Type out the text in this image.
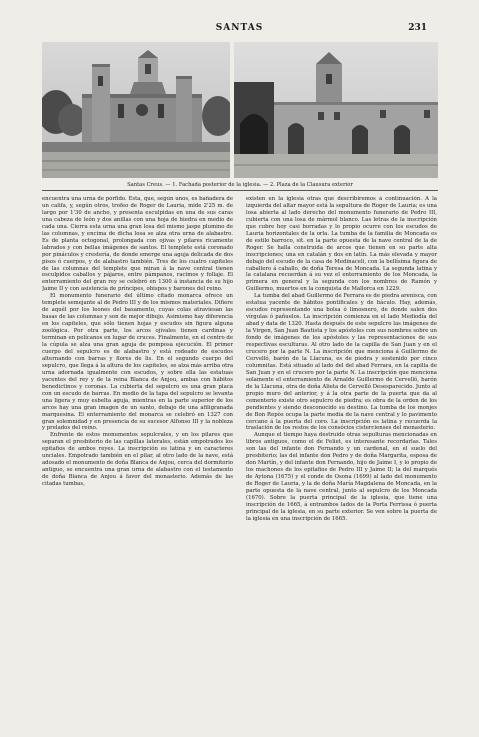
SANTAS	231
Santas Creus. — 1. Fachada posterior de la iglesia. — 2. Plaza de la Clausura exterior

encuentra una urna de pórfido. Esta, que, según unos, es bañadera de un califa, y, según otros, trofeo de Roger de Lauria, mide 2'25 m. de largo por 1'30 de ancho, y presenta esculpidas en una de sus caras una cabeza de león y dos anillas con una hoja de hiedra en medio de cada una. Cierra esta urna una gran losa del mismo jaspe plumino de las columnas, y encima de dicha losa se alza otra urna de alabastro. Es de planta octogonal, prolongada con ojivas y pilares ricamente labrados y con bellas imágenes de santos. El templete está coronado por pináculos y crestería, de donde emerge una aguja delicada de dos pisos ó cuerpos, y de alabastro también. Tres de los cuatro capiteles de las columnas del templete que miran á la nave central tienen esculpidos caballos y pájaros, entre pámpanos, racimos y follaje. El enterramiento del gran rey se celebró en 1300 á instancia de su hijo Jaime II y con asistencia de príncipes, obispos y barones del reino.

El monumento funerario del último citado monarca ofrece un templete semejante al de Pedro III y de los mismos materiales. Difiere de aquél por los leones del basamento, cuyas colas atraviesan las basas de las columnas y son de mejor dibujo. Asimismo hay diferencia en los capiteles, que sólo tienen hojas y escudos sin figura alguna zoológica. Por otra parte, los arcos ojivales tienen cardinas y terminan en pelícanos en lugar de cruces. Finalmente, en el centro de la cúpula se alza una gran aguja de pomposa ejecución. El primer cuerpo del sepulcro es de alabastro y está rodeado de escudos alternando con barras y flores de lis. En el segundo cuerpo del sepulcro, que llega á la altura de los capiteles, se alza más arriba otra urna adornada igualmente con escudos, y sobre ella las estatuas yacentes del rey y de la reina Blanca de Anjou, ambas con hábitos benedictinos y coronas. La cubierta del sepulcro es una gran placa con un escudo de barras. En medio de la tapa del sepulcro se levanta una ligera y muy esbelta aguja, mientras en la parte superior de los arcos hay una gran imagen de un santo, debajo de una afiligranada marquesina. El enterramiento del monarca se celebró en 1327 con gran solemnidad y en presencia de su sucesor Alfonso III y la nobleza y prelados del reino.

Enfrente de estos monumentos sepulcrales, y en los pilares que separan el presbiterio de las capillas laterales, están empotrados los epitafios de ambos reyes. La inscripción es latina y en caracteres unciales. Empotrado también en el pilar, al otro lado de la nave, está adosado el monumento de doña Blanca de Anjou, cerca del dormitorio antiguo, se encuentra una gran urna de alabastro con el testamento de doña Blanca de Anjou á favor del monasterio. Además de las citadas tumbas,

existen en la iglesia otras que describiremos á continuación. A la izquierda del altar mayor está la sepultura de Roger de Lauria; es una losa abierta al lado derecho del monumento funerario de Pedro III, cubierta con una losa de mármol blanco. Las letras de la inscripción que cubre hoy casi borradas y lo propio ocurre con los escudos de Lauria horizontales de la orla. La tumba de la familia de Moncada es de estilo barroco, sit. en la parte opuesta de la nave central de la de Roger. Se halla construida de arcos que tienen en su parte alta inscripciones; una en catalán y dos en latín. La más elevada y mayor debajo del escudo de la casa de Medinaceli, con la bellísima figura de caballero á caballo, de doña Teresa de Moncada. La segunda latina y la catalana recuerdan á su vez el enterramiento de los Moncada, la primera en general y la segunda con los nombres de Ramón y Guillermo, muertos en la conquista de Mallorca en 1229.

La tumba del abad Guillermo de Ferrara es de piedra arenisca, con estatua yacente de hábitos pontificales y de báculo. Hay, además, escudos representando una bolsa ó limosnero, de donde salen dos vírgulas ó pañuelos. La inscripción comienza en el lado Mediodía del abad y data de 1320. Hasta después de este sepulcro las imágenes de la Virgen, San Juan Bautista y los apóstoles con sus nombres sobre un fondo de imágenes de los apóstoles y las representaciones de sus respectivas esculturas. Al otro lado de la capilla de San Juan y en el crucero por la parte N. La inscripción que menciona á Guillermo de Cervelló, barón de la Llacuna, es de piedra y sostenido por cinco columnitas. Está situado al lado del del abad Ferrara, en la capilla de San Juan y en el crucero por la parte N. La inscripción que menciona solamente el enterramiento de Arnaldo Guillermo de Cervelló, barón de la Llacuna, otra de doña Alieta de Cervelló Desesparecido. Junto al propio muro del anterior, y á la otra parte de la puerta que da al cementerio existe otro sepulcro de piedra; es obra de la orden de los pendientes y siendo desconocido su destino. La tumba de los monjes de Bon Repòs ocupa la parte media de la nave central y lo pavimento cercano á la puerta del coro. La inscripción es latina y recuerda la traslación de los restos de los consócios cistercienses del monasterio.

Aunque el tiempo haya destruido otras sepulturas mencionadas en libros antiguos, como el de Feliet, es interesante recordarlas. Tales son las del infante don Fernando y un cardenal, en el suelo del presbiterio; las del infante don Pedro y de doña Margarita, esposa de don Martín, y del infante don Fernando, hijo de Jaime I, y lo propio de los machones de los epitafios de Pedro III y Jaime II; la del marqués de Aytona (1675) y el conde de Osona (1699) al lado del monumento de Roger de Lauria, y la de doña María Magdalena de Moncada, en la parte opuesta de la nave central, junto al sepulcro de los Moncada (1670). Sobre la puerta principal de la iglesia, que tiene una inscripción de 1665, á entrambos lados de la Porta Ferrissa ó puerta principal de la iglesia, en su parte exterior. Se ven sobre la puerta de la iglesia en una inscripción de 1665.
